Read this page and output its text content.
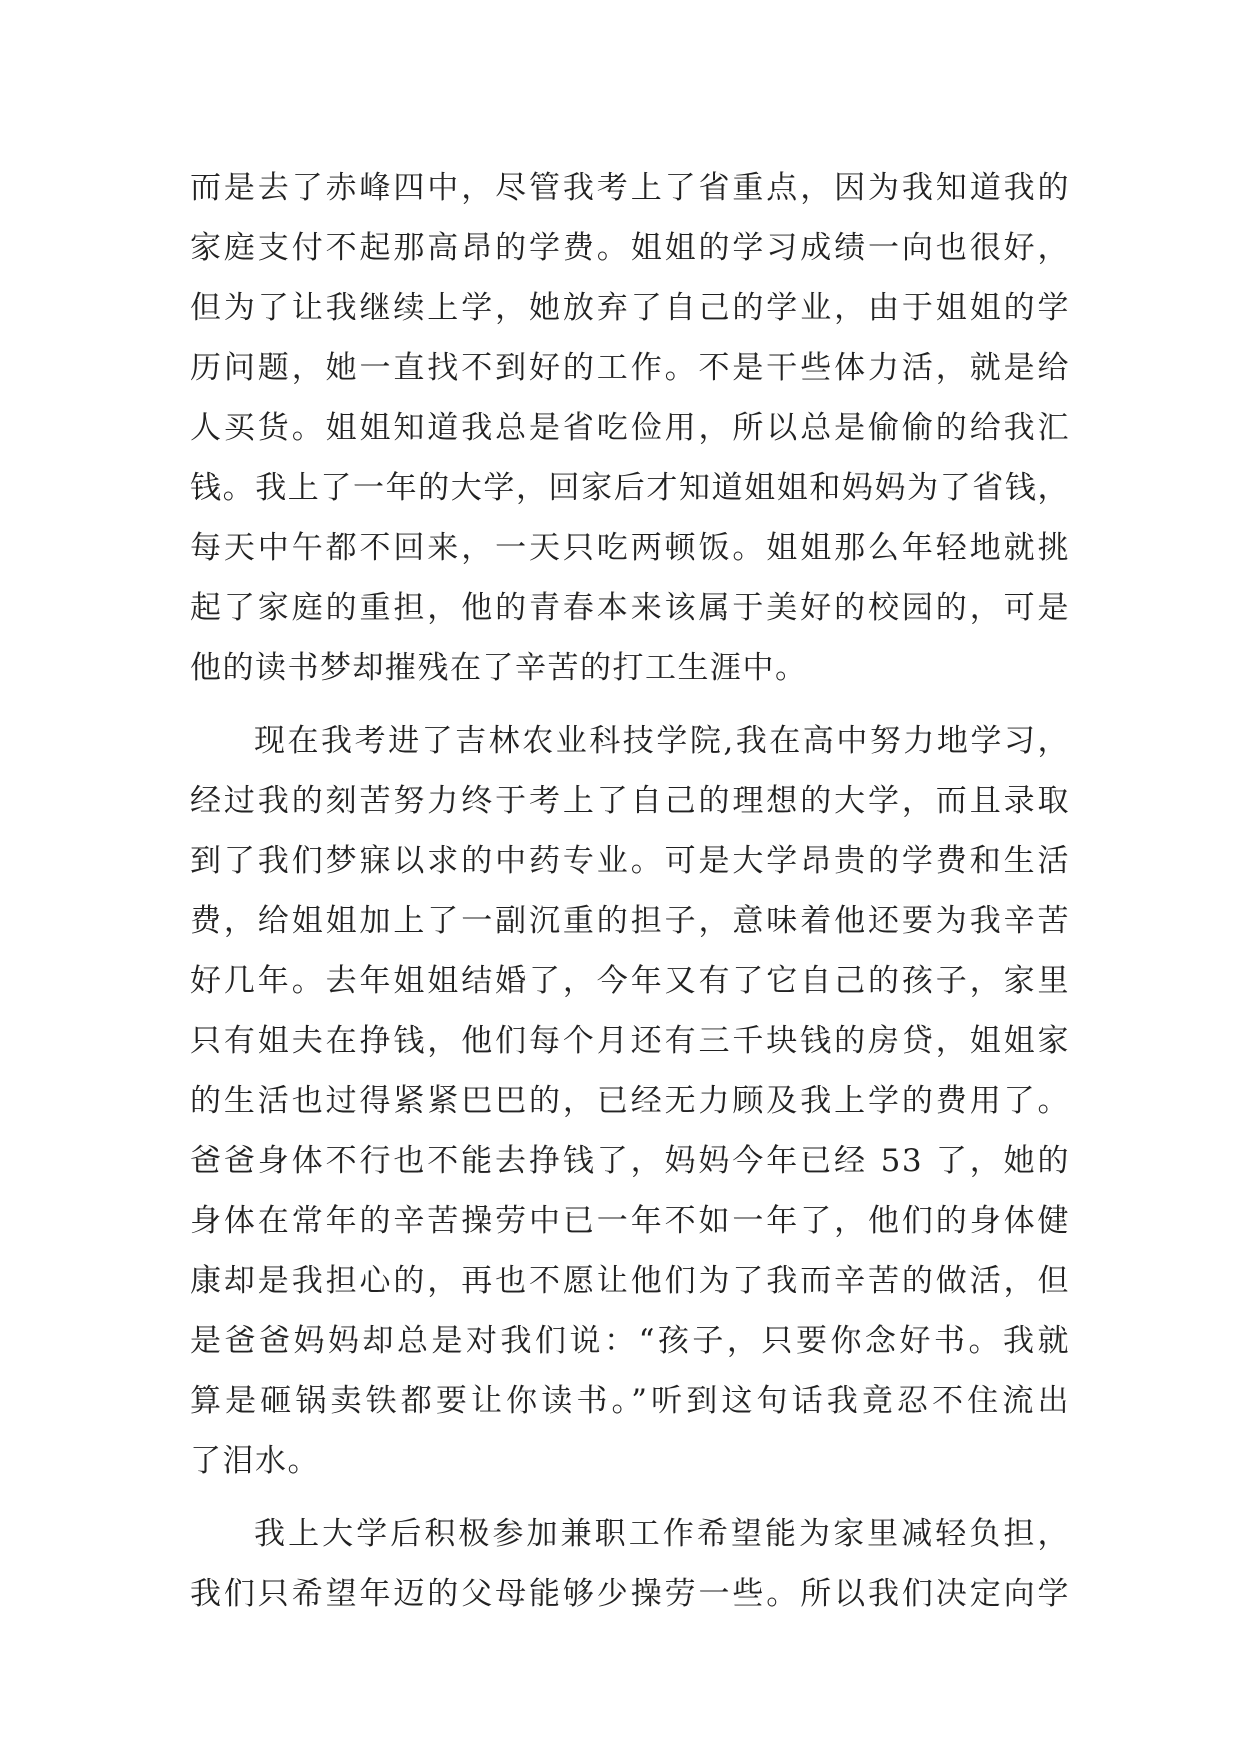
而是去了赤峰四中，尽管我考上了省重点，因为我知道我的
家庭支付不起那高昂的学费。姐姐的学习成绩一向也很好，
但为了让我继续上学，她放弃了自己的学业，由于姐姐的学
历问题，她一直找不到好的工作。不是干些体力活，就是给
人买货。姐姐知道我总是省吃俭用，所以总是偷偷的给我汇
钱。我上了一年的大学，回家后才知道姐姐和妈妈为了省钱，
每天中午都不回来，一天只吃两顿饭。姐姐那么年轻地就挑
起了家庭的重担，他的青春本来该属于美好的校园的，可是
他的读书梦却摧残在了辛苦的打工生涯中。
现在我考进了吉林农业科技学院,我在高中努力地学习，
经过我的刻苦努力终于考上了自己的理想的大学，而且录取
到了我们梦寐以求的中药专业。可是大学昂贵的学费和生活
费，给姐姐加上了一副沉重的担子，意味着他还要为我辛苦
好几年。去年姐姐结婚了，今年又有了它自己的孩子，家里
只有姐夫在挣钱，他们每个月还有三千块钱的房贷，姐姐家
的生活也过得紧紧巴巴的，已经无力顾及我上学的费用了。
爸爸身体不行也不能去挣钱了，妈妈今年已经 53 了，她的
身体在常年的辛苦操劳中已一年不如一年了，他们的身体健
康却是我担心的，再也不愿让他们为了我而辛苦的做活，但
是爸爸妈妈却总是对我们说：“孩子，只要你念好书。我就
算是砸锅卖铁都要让你读书。”听到这句话我竟忍不住流出
了泪水。
我上大学后积极参加兼职工作希望能为家里减轻负担，
我们只希望年迈的父母能够少操劳一些。所以我们决定向学
